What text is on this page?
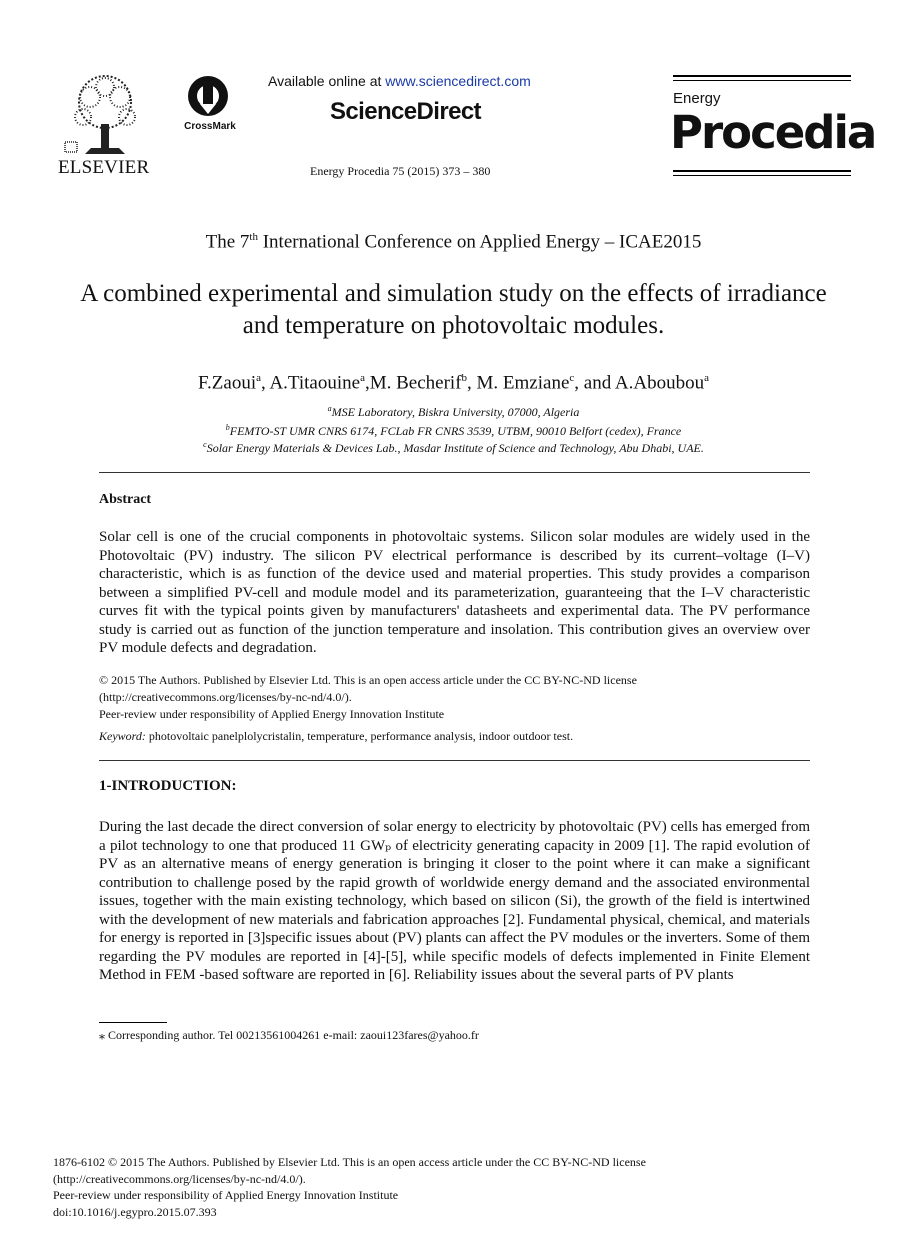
ELSEVIER
CrossMark
Available online at www.sciencedirect.com
ScienceDirect
Energy Procedia 75 (2015) 373 – 380
Energy
Procedia
The 7th International Conference on Applied Energy – ICAE2015
A combined experimental and simulation study on the effects of irradiance and temperature on photovoltaic modules.
F.Zaoui$^a$, A.Titaouine$^a$,M. Becherif$^b$, M. Emziane$^c$, and A.Aboubou$^a$
$^a$MSE Laboratory, Biskra University, 07000, Algeria
$^b$FEMTO-ST UMR CNRS 6174, FCLab FR CNRS 3539, UTBM, 90010 Belfort (cedex), France
$^c$Solar Energy Materials & Devices Lab., Masdar Institute of Science and Technology, Abu Dhabi, UAE.
Abstract
Solar cell is one of the crucial components in photovoltaic systems. Silicon solar modules are widely used in the Photovoltaic (PV) industry. The silicon PV electrical performance is described by its current–voltage (I–V) characteristic, which is as function of the device used and material properties. This study provides a comparison between a simplified PV-cell and module model and its parameterization, guaranteeing that the I–V characteristic curves fit with the typical points given by manufacturers' datasheets and experimental data. The PV performance study is carried out as function of the junction temperature and insolation. This contribution gives an overview over PV module defects and degradation.
© 2015 The Authors. Published by Elsevier Ltd. This is an open access article under the CC BY-NC-ND license
(http://creativecommons.org/licenses/by-nc-nd/4.0/).
Peer-review under responsibility of Applied Energy Innovation Institute
Keyword: photovoltaic panelplolycristalin, temperature, performance analysis, indoor outdoor test.
1-INTRODUCTION:
During the last decade the direct conversion of solar energy to electricity by photovoltaic (PV) cells has emerged from a pilot technology to one that produced 11 GWₚ of electricity generating capacity in 2009 [1]. The rapid evolution of PV as an alternative means of energy generation is bringing it closer to the point where it can make a significant contribution to challenge posed by the rapid growth of worldwide energy demand and the associated environmental issues, together with the main existing technology, which based on silicon (Si), the growth of the field is intertwined with the development of new materials and fabrication approaches [2]. Fundamental physical, chemical, and materials for energy is reported in [3]specific issues about (PV) plants can affect the PV modules or the inverters. Some of them regarding the PV modules are reported in [4]-[5], while specific models of defects implemented in Finite Element Method in FEM -based software are reported in [6]. Reliability issues about the several parts of PV plants
⁎ Corresponding author. Tel 00213561004261 e-mail: zaoui123fares@yahoo.fr
1876-6102 © 2015 The Authors. Published by Elsevier Ltd. This is an open access article under the CC BY-NC-ND license
(http://creativecommons.org/licenses/by-nc-nd/4.0/).
Peer-review under responsibility of Applied Energy Innovation Institute
doi:10.1016/j.egypro.2015.07.393
